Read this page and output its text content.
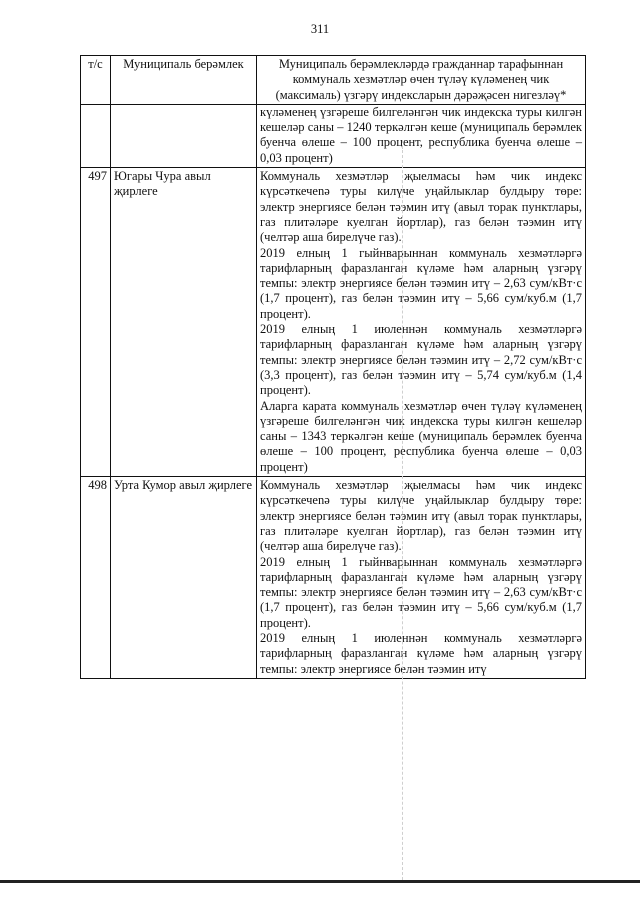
311
т/с	Муниципаль берәмлек	Муниципаль берәмлекләрдә гражданнар тарафыннан коммуналь хезмәтләр өчен түләү күләменең чик (максималь) үзгәрү индексларын дәрәҗәсен нигезләү*

		күләменең үзгәреше билгеләнгән чик индекска туры килгән кешеләр саны – 1240 теркәлгән кеше (муниципаль берәмлек буенча өлеше – 100 процент, республика буенча өлеше – 0,03 процент)

497	Югары Чура авыл җирлеге	Коммуналь хезмәтләр җыелмасы һәм чик индекс күрсәткечenә туры килүче уңайлыклар булдыру төре: электр энергиясе белән тәэмин итү (авыл торак пунктлары, газ плитәләре куелган йортлар), газ белән тәэмин итү (челтәр аша бирелүче газ).

2019 елның 1 гыйнварыннан коммуналь хезмәтләргә тарифларның фаразланган күләме һәм аларның үзгәрү темпы: электр энергиясе белән тәэмин итү – 2,63 сум/кВт·с (1,7 процент), газ белән тәэмин итү – 5,66 сум/куб.м (1,7 процент).

2019 елның 1 июленнән коммуналь хезмәтләргә тарифларның фаразланган күләме һәм аларның үзгәрү темпы: электр энергиясе белән тәэмин итү – 2,72 сум/кВт·с (3,3 процент), газ белән тәэмин итү – 5,74 сум/куб.м (1,4 процент).

Аларга карата коммуналь хезмәтләр өчен түләү күләменең үзгәреше билгеләнгән чик индекска туры килгән кешеләр саны – 1343 теркәлгән кеше (муниципаль берәмлек буенча өлеше – 100 процент, республика буенча өлеше – 0,03 процент)

498	Урта Кумор авыл җирлеге	Коммуналь хезмәтләр җыелмасы һәм чик индекс күрсәткечenә туры килүче уңайлыклар булдыру төре: электр энергиясе белән тәэмин итү (авыл торак пунктлары, газ плитәләре куелган йортлар), газ белән тәэмин итү (челтәр аша бирелүче газ).

2019 елның 1 гыйнварыннан коммуналь хезмәтләргә тарифларның фаразланган күләме һәм аларның үзгәрү темпы: электр энергиясе белән тәэмин итү – 2,63 сум/кВт·с (1,7 процент), газ белән тәэмин итү – 5,66 сум/куб.м (1,7 процент).

2019 елның 1 июленнән коммуналь хезмәтләргә тарифларның фаразланган күләме һәм аларның үзгәрү темпы: электр энергиясе белән тәэмин итү
